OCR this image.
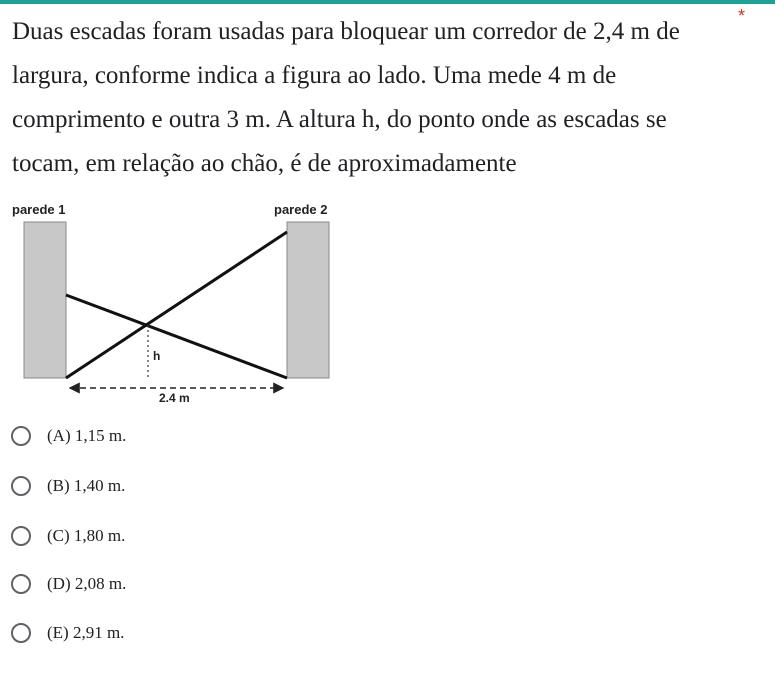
Duas escadas foram usadas para bloquear um corredor de 2,4 m de largura, conforme indica a figura ao lado. Uma mede 4 m de comprimento e outra 3 m. A altura h, do ponto onde as escadas se tocam, em relação ao chão, é de aproximadamente
*
parede 1	parede 2
h
2.4 m
(A) 1,15 m.
(B) 1,40 m.
(C) 1,80 m.
(D) 2,08 m.
(E) 2,91 m.
